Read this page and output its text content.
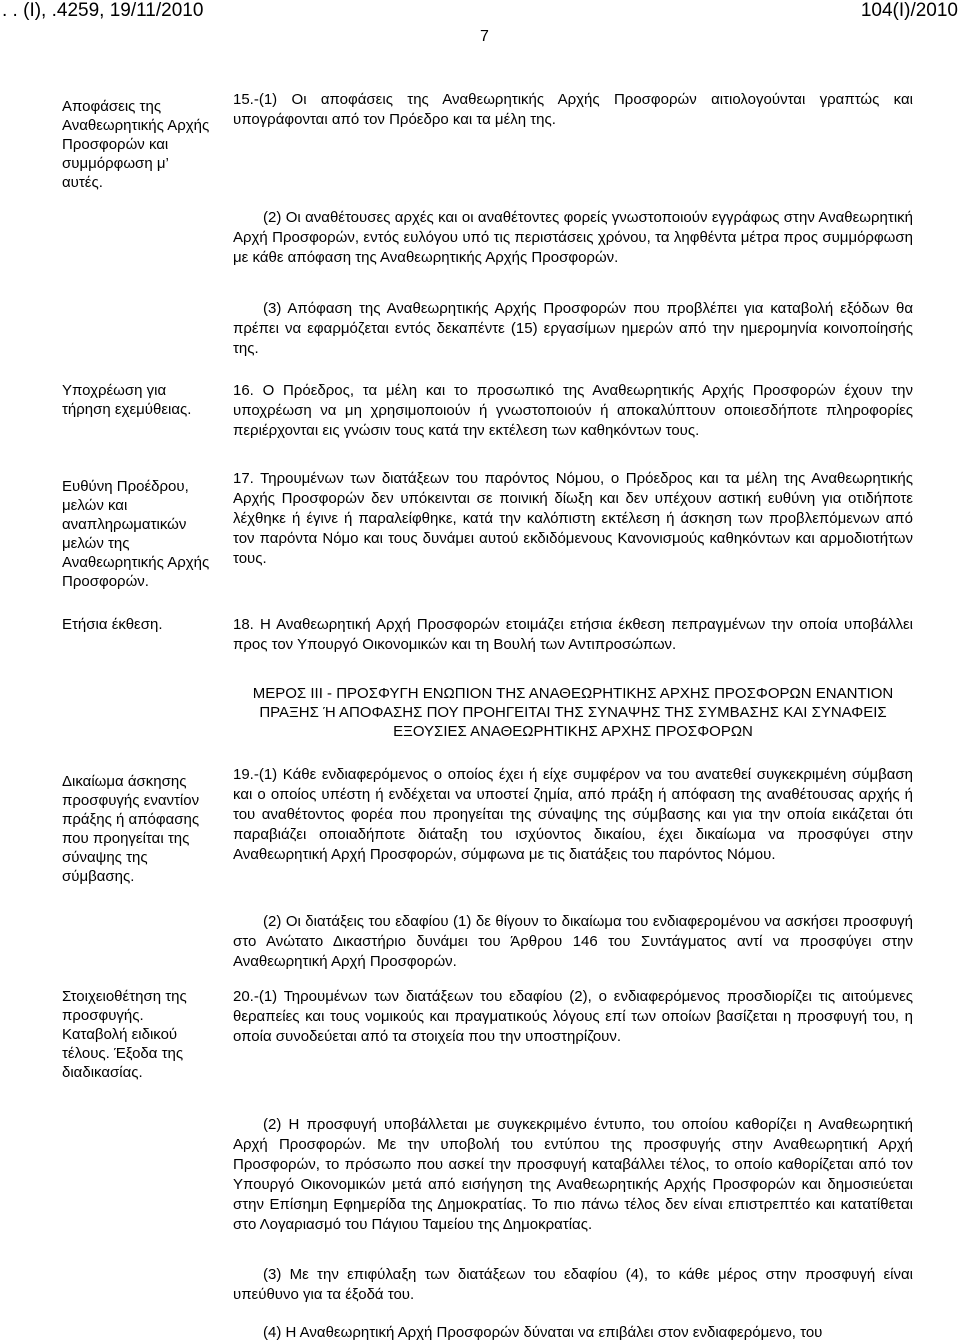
. . (Ι), .4259, 19/11/2010	104(Ι)/2010
7
Αποφάσεις της Αναθεωρητικής Αρχής Προσφορών και συμμόρφωση μ’ αυτές.
Υποχρέωση για τήρηση εχεμύθειας.
Ευθύνη Προέδρου, μελών και αναπληρωματικών μελών της Αναθεωρητικής Αρχής Προσφορών.
Ετήσια έκθεση.
Δικαίωμα άσκησης προσφυγής εναντίον πράξης ή απόφασης που προηγείται της σύναψης της σύμβασης.
Στοιχειοθέτηση της προσφυγής. Καταβολή ειδικού τέλους. Έξοδα της διαδικασίας.
15.-(1) Οι αποφάσεις της Αναθεωρητικής Αρχής Προσφορών αιτιολογούνται γραπτώς και υπογράφονται από τον Πρόεδρο και τα μέλη της.
(2) Οι αναθέτουσες αρχές και οι αναθέτοντες φορείς γνωστοποιούν εγγράφως στην Αναθεωρητική Αρχή Προσφορών, εντός ευλόγου υπό τις περιστάσεις χρόνου, τα ληφθέντα μέτρα προς συμμόρφωση με κάθε απόφαση της Αναθεωρητικής Αρχής Προσφορών.
(3) Απόφαση της Αναθεωρητικής Αρχής Προσφορών που προβλέπει για καταβολή εξόδων θα πρέπει να εφαρμόζεται εντός δεκαπέντε (15) εργασίμων ημερών από την ημερομηνία κοινοποίησής της.
16. Ο Πρόεδρος, τα μέλη και το προσωπικό της Αναθεωρητικής Αρχής Προσφορών έχουν την υποχρέωση να μη χρησιμοποιούν ή γνωστοποιούν ή αποκαλύπτουν οποιεσδήποτε πληροφορίες περιέρχονται εις γνώσιν τους κατά την εκτέλεση των καθηκόντων τους.
17. Τηρουμένων των διατάξεων του παρόντος Νόμου, ο Πρόεδρος και τα μέλη της Αναθεωρητικής Αρχής Προσφορών δεν υπόκεινται σε ποινική δίωξη και δεν υπέχουν αστική ευθύνη για οτιδήποτε λέχθηκε ή έγινε ή παραλείφθηκε, κατά την καλόπιστη εκτέλεση ή άσκηση των προβλεπόμενων από τον παρόντα Νόμο και τους δυνάμει αυτού εκδιδόμενους Κανονισμούς καθηκόντων και αρμοδιοτήτων τους.
18. Η Αναθεωρητική Αρχή Προσφορών ετοιμάζει ετήσια έκθεση πεπραγμένων την οποία υποβάλλει προς τον Υπουργό Οικονομικών και τη Βουλή των Αντιπροσώπων.
ΜΕΡΟΣ ΙΙΙ - ΠΡΟΣΦΥΓΗ ΕΝΩΠΙΟΝ ΤΗΣ ΑΝΑΘΕΩΡΗΤΙΚΗΣ ΑΡΧΗΣ ΠΡΟΣΦΟΡΩΝ ΕΝΑΝΤΙΟΝ ΠΡΑΞΗΣ Ή ΑΠΟΦΑΣΗΣ ΠΟΥ ΠΡΟΗΓΕΙΤΑΙ ΤΗΣ ΣΥΝΑΨΗΣ ΤΗΣ ΣΥΜΒΑΣΗΣ ΚΑΙ ΣΥΝΑΦΕΙΣ ΕΞΟΥΣΙΕΣ ΑΝΑΘΕΩΡΗΤΙΚΗΣ ΑΡΧΗΣ ΠΡΟΣΦΟΡΩΝ
19.-(1) Κάθε ενδιαφερόμενος ο οποίος έχει ή είχε συμφέρον να του ανατεθεί συγκεκριμένη σύμβαση και ο οποίος υπέστη ή ενδέχεται να υποστεί ζημία, από πράξη ή απόφαση της αναθέτουσας αρχής ή του αναθέτοντος φορέα που προηγείται της σύναψης της σύμβασης και για την οποία εικάζεται ότι παραβιάζει οποιαδήποτε διάταξη του ισχύοντος δικαίου, έχει δικαίωμα να προσφύγει στην Αναθεωρητική Αρχή Προσφορών, σύμφωνα με τις διατάξεις του παρόντος Νόμου.
(2) Οι διατάξεις του εδαφίου (1) δε θίγουν το δικαίωμα του ενδιαφερομένου να ασκήσει προσφυγή στο Ανώτατο Δικαστήριο δυνάμει του Άρθρου 146 του Συντάγματος αντί να προσφύγει στην Αναθεωρητική Αρχή Προσφορών.
20.-(1) Τηρουμένων των διατάξεων του εδαφίου (2), ο ενδιαφερόμενος προσδιορίζει τις αιτούμενες θεραπείες και τους νομικούς και πραγματικούς λόγους επί των οποίων βασίζεται η προσφυγή του, η οποία συνοδεύεται από τα στοιχεία που την υποστηρίζουν.
(2) Η προσφυγή υποβάλλεται με συγκεκριμένο έντυπο, του οποίου καθορίζει η Αναθεωρητική Αρχή Προσφορών. Με την υποβολή του εντύπου της προσφυγής στην Αναθεωρητική Αρχή Προσφορών, το πρόσωπο που ασκεί την προσφυγή καταβάλλει τέλος, το οποίο καθορίζεται από τον Υπουργό Οικονομικών μετά από εισήγηση της Αναθεωρητικής Αρχής Προσφορών και δημοσιεύεται στην Επίσημη Εφημερίδα της Δημοκρατίας. Το πιο πάνω τέλος δεν είναι επιστρεπτέο και κατατίθεται στο Λογαριασμό του Πάγιου Ταμείου της Δημοκρατίας.
(3) Με την επιφύλαξη των διατάξεων του εδαφίου (4), το κάθε μέρος στην προσφυγή είναι υπεύθυνο για τα έξοδά του.
(4) Η Αναθεωρητική Αρχή Προσφορών δύναται να επιβάλει στον ενδιαφερόμενο, του
